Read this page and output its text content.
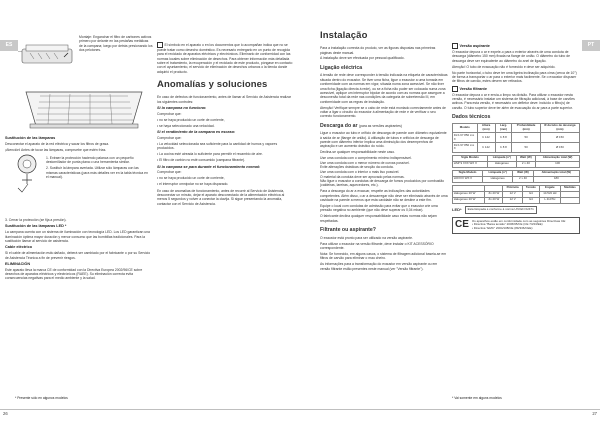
ES

Montaje: Enganchar el filtro de carbones activos primero por delante en las pestañas metálicas de la campana; luego por detrás presionando los dos pelotones.

Sustitución de las lámparas

Desconectar el aparato de la red eléctrica y sacar los filtros de grasa.

¡Atención! Antes de tocar las lámparas, compruebe que estén frías.

1. Extraer la protección haciendo palanca con un pequeño destornillador de punta plana o una herramienta similar.

2. Sustituir la lámpara averiada. Utilizar sólo lámparas con las mismas características (para más detalles ver en la tabla técnica en el manual).

3. Cerrar la protección (se fija a presión).

Sustitución de las lámparas LED *

La campana cuenta con un sistema de iluminación con tecnología LED. Los LED garantizan una iluminación óptima mayor duración y menor consumo que las bombillas tradicionales. Para la sustitución llamar al servicio de asistencia.

Cable eléctrico

Si el cable de alimentación está dañado, deberá ser cambiado por el fabricante o por su Servicio de Asistencia Técnica a fin de prevenir riesgos.

ELIMINACIÓN

Este aparato lleva la marca CE de conformidad con la Directiva Europea 2002/96/CE sobre desechos de aparatos eléctricos y electrónicos (RAEE). Su eliminación correcta evita consecuencias negativas para el medio ambiente y la salud.

* Presente sólo en algunos modelos

El símbolo en el aparato o en los documentos que lo acompañan indica que no se puede tratar como desecho doméstico. Es necesario entregarlo en un punto de recogida para el reciclado de aparatos eléctricos y electrónicos. Eliminarlo de conformidad con las normas locales sobre eliminación de desechos. Para obtener información más detallada sobre el tratamiento, la recuperación y el reciclado de este producto, póngase en contacto con el ayuntamiento, el servicio de eliminación de desechos urbanos o la tienda donde adquirió el producto.

Anomalías y soluciones

En caso de defectos de funcionamiento, antes de llamar al Servicio de Asistencia realizar los siguientes controles:

Si la campana no funciona:

Comprobar que:

• no se haya producido un corte de corriente,

• se haya seleccionado una velocidad.

Si el rendimiento de la campana es escaso:

Comprobar que:

• La velocidad seleccionada sea suficiente para la cantidad de humos y vapores producidos.

• La cocina esté aireada lo suficiente para permitir el recambio de aire.

• El filtro de carbón no esté consumido (campana filtrante).

Si la campana se para durante el funcionamiento normal:

Comprobar que:

• no se haya producido un corte de corriente,

• el interruptor omnipolar no se haya disparado.

En caso de anomalías de funcionamiento, antes de recurrir al Servicio de Asistencia, desconectar un minuto, dejar el aparato desconectado de la alimentación eléctrica al menos 5 segundos y volver a conectar la clavija. Si sigue presentando la anomalía, contactar con el Servicio de Asistencia.

26
PT
Instalação

Para a instalação correcta do produto, ver as figuras dispostas nas primeiras páginas deste manual.

A instalação deve ser efectuada por pessoal qualificado.

Ligação eléctrica

A tensão de rede deve corresponder à tensão indicada na etiqueta de características situada dentro do exaustor. Se tiver uma ficha, ligue o exaustor a uma tomada em conformidade com as normas em vigor, situada numa zona acessível. Se não tiver uma ficha (ligação directa à rede), ou se a ficha não puder ser colocada numa zona acessível, aplique um interruptor bipolar de acordo com as normas que assegure a desconexão total da rede nas condições da categoria de sobretensão III, em conformidade com as regras de instalação.

Atenção! Verifique sempre se o cabo de rede está montado correctamente antes de voltar a ligar o circuito do exaustor à alimentação de rede e de verificar o seu correcto funcionamento.

Descarga do ar (para as versões aspirantes)

Ligue o exaustor ao tubo e orifício de descarga de parede com diâmetro equivalente à saída de ar (flange de união). A utilização de tubos e orifícios de descarga de parede com diâmetro inferior implica uma diminuição dos desempenhos de aspiração e um aumento drástico do ruído.

Declina-se qualquer responsabilidade neste caso.

Use uma conduta com o comprimento mínimo indispensável.

Use uma conduta com o menor número de curvas possível.

Evite alterações drásticas de secção da conduta.

Use uma conduta com o interior o mais liso possível.

O material da conduta deve ser aprovado pelas normas.

Não ligue o exaustor a condutas de descarga de fumos produzidos por combustão (caldeiras, lareiras, aquecedores, etc.).

Para a descarga do ar a evacuar, respeite as indicações das autoridades competentes. Além disso, o ar a descarregar não deve ser eliminado através de uma cavidade na parede a menos que esta cavidade não se destine a este fim.

Equipe o local com condutas de admissão para evitar que o exaustor crie uma pressão negativa no ambiente (que não deve superar os 0,04 mbar).

O fabricante declina qualquer responsabilidade caso estas normas não sejam respeitadas.

Filtrante ou aspirante?

O exaustor está pronto para ser utilizado na versão aspirante.

Para utilizar o exaustor na versão filtrante, deve instalar o KIT ACESSÓRIO correspondente.

Nota: Se fornecido, em alguns casos, o sistema de filtragem adicional baseia-se em filtros de carvão para eliminar o mau cheiro.

As informações para a transformação do exaustor em versão aspirante ou em versão filtrante estão presentes neste manual (ver "Versão filtrante").

Versão aspirante

O exaustor depura o ar e expele-o para o exterior através de uma conduta de descarga (diâmetro 150 mm) fixada na flange de união. O diâmetro do tubo de descarga deve ser equivalente ao diâmetro do anel de ligação.

Atenção! O tubo de evacuação não é fornecido e deve ser adquirido.

No parte horizontal, o tubo deve ter uma ligeira inclinação para cima (cerca de 10°) de forma a transportar o ar para o exterior mais facilmente. Se o exaustor dispuser de filtros de carvão, estes devem ser retirados.

Versão filtrante

O exaustor depura o ar e envia-o limpo na divisão. Para utilizar o exaustor nesta versão, é necessário instalar um sistema de filtração adicional, à base de carvões activos. Para esta versão, é necessário um defletor deve: incluído o filtro(s) de carvão. O tubo superior deve ter além de evacuação do ar para a parte superior.

Dados técnicos
Modelo	Altura (mm)	Larg. (mm)	Profundidade (mm)	Ø da tubo de descarga (mm)
DLS 67 850 xxx X	b 142	b 8 8	50	Ø 150
DLS 97 850 xxx X	b 142	b 8 8	50	Ø 150
Sigla Modelo	Lâmpada (n°)	Watt (W)	Alimentação total (W)
HSP 9 XXX WX X	Halogéneo	2 x 40	100
Sigla Modelo	Lâmpada (n°)	Watt (W)	Alimentação total (W)
HOXXX WX X	Halogéneo	2 x 40	180
		Potência	Tensão	Engate	Medidas
Halogéneo 20 W	Zx 20 W	12 V	G4	14.5x9 Hd	
Halogéneo 20 W	Zx 20 W	12 V	G4	L.3x4TH	
LED*	Esta lâmpada é conforme à norma UNI EN 62471
CE Os aparelhos estão em conformidade com as seguintes Directivas CE:
• Directiva "Baixa tensão" 2006/95/CE (CE 73/23/EE)
• Directiva "EMC" 2004/108/CE (89/336/CEE)
* Vai somente em alguns modelos
27
